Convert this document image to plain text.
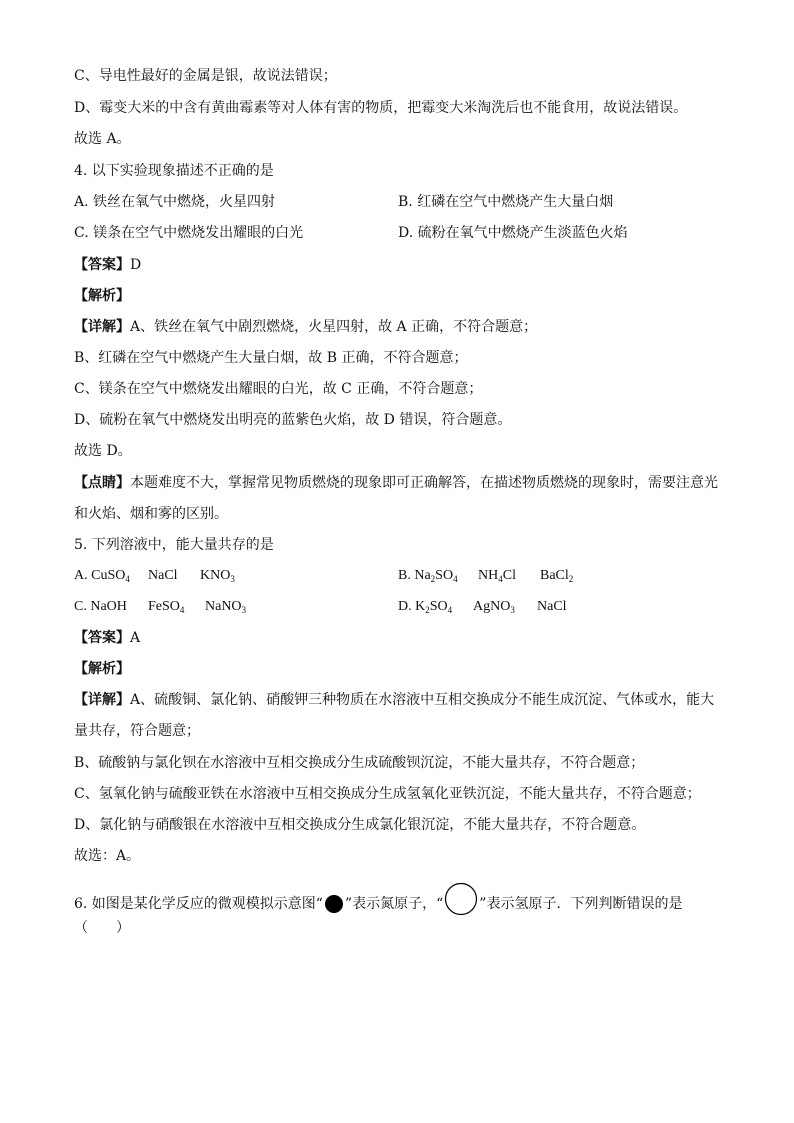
C、导电性最好的金属是银，故说法错误；
D、霉变大米的中含有黄曲霉素等对人体有害的物质，把霉变大米淘洗后也不能食用，故说法错误。
故选 A。
4. 以下实验现象描述不正确的是
A. 铁丝在氧气中燃烧，火星四射	B. 红磷在空气中燃烧产生大量白烟
C. 镁条在空气中燃烧发出耀眼的白光	D. 硫粉在氧气中燃烧产生淡蓝色火焰
【答案】D
【解析】
【详解】A、铁丝在氧气中剧烈燃烧，火星四射，故 A 正确，不符合题意；
B、红磷在空气中燃烧产生大量白烟，故 B 正确，不符合题意；
C、镁条在空气中燃烧发出耀眼的白光，故 C 正确，不符合题意；
D、硫粉在氧气中燃烧发出明亮的蓝紫色火焰，故 D 错误，符合题意。
故选 D。
【点睛】本题难度不大，掌握常见物质燃烧的现象即可正确解答，在描述物质燃烧的现象时，需要注意光
和火焰、烟和雾的区别。
5. 下列溶液中，能大量共存的是
A. CuSO$_4$ NaCl $KNO_3$	B. $Na_2SO_4$ $NH_4Cl$ BaCl$_2$
C. NaOH FeSO$_4$ NaNO$_3$	D. $K_2SO_4$ AgNO$_3$ NaCl
【答案】A
【解析】
【详解】A、硫酸铜、氯化钠、硝酸钾三种物质在水溶液中互相交换成分不能生成沉淀、气体或水，能大
量共存，符合题意；
B、硫酸钠与氯化钡在水溶液中互相交换成分生成硫酸钡沉淀，不能大量共存，不符合题意；
C、氢氧化钠与硫酸亚铁在水溶液中互相交换成分生成氢氧化亚铁沉淀，不能大量共存，不符合题意；
D、氯化钠与硝酸银在水溶液中互相交换成分生成氯化银沉淀，不能大量共存，不符合题意。
故选：A。
6. 如图是某化学反应的微观模拟示意图“ ”表示氮原子，“	”表示氢原子．下列判断错误的是
（　　）
